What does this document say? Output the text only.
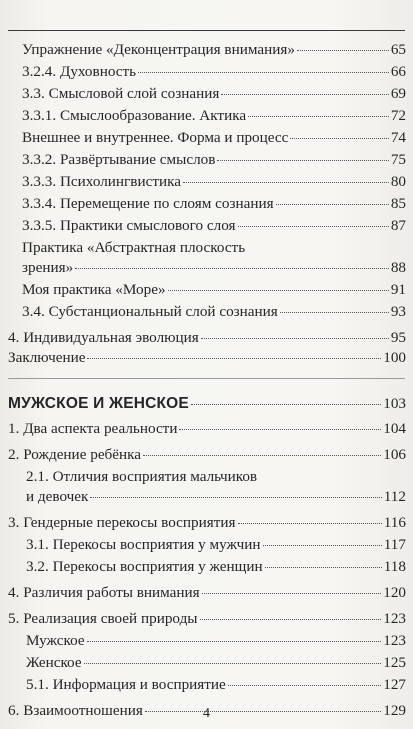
Упражнение «Деконцентрация внимания»	65
3.2.4. Духовность	66
3.3. Смысловой слой сознания	69
3.3.1. Смыслообразование. Актика	72
Внешнее и внутреннее. Форма и процесс	74
3.3.2. Развёртывание смыслов	75
3.3.3. Психолингвистика	80
3.3.4. Перемещение по слоям сознания	85
3.3.5. Практики смыслового слоя	87
Практика «Абстрактная плоскость
зрения»	88
Моя практика «Море»	91
3.4. Субстанциональный слой сознания	93
4. Индивидуальная эволюция	95
Заключение	100
МУЖСКОЕ И ЖЕНСКОЕ	103
1. Два аспекта реальности	104
2. Рождение ребёнка	106
2.1. Отличия восприятия мальчиков
и девочек	112
3. Гендерные перекосы восприятия	116
3.1. Перекосы восприятия у мужчин	117
3.2. Перекосы восприятия у женщин	118
4. Различия работы внимания	120
5. Реализация своей природы	123
Мужское	123
Женское	125
5.1. Информация и восприятие	127
6. Взаимоотношения	129
4
